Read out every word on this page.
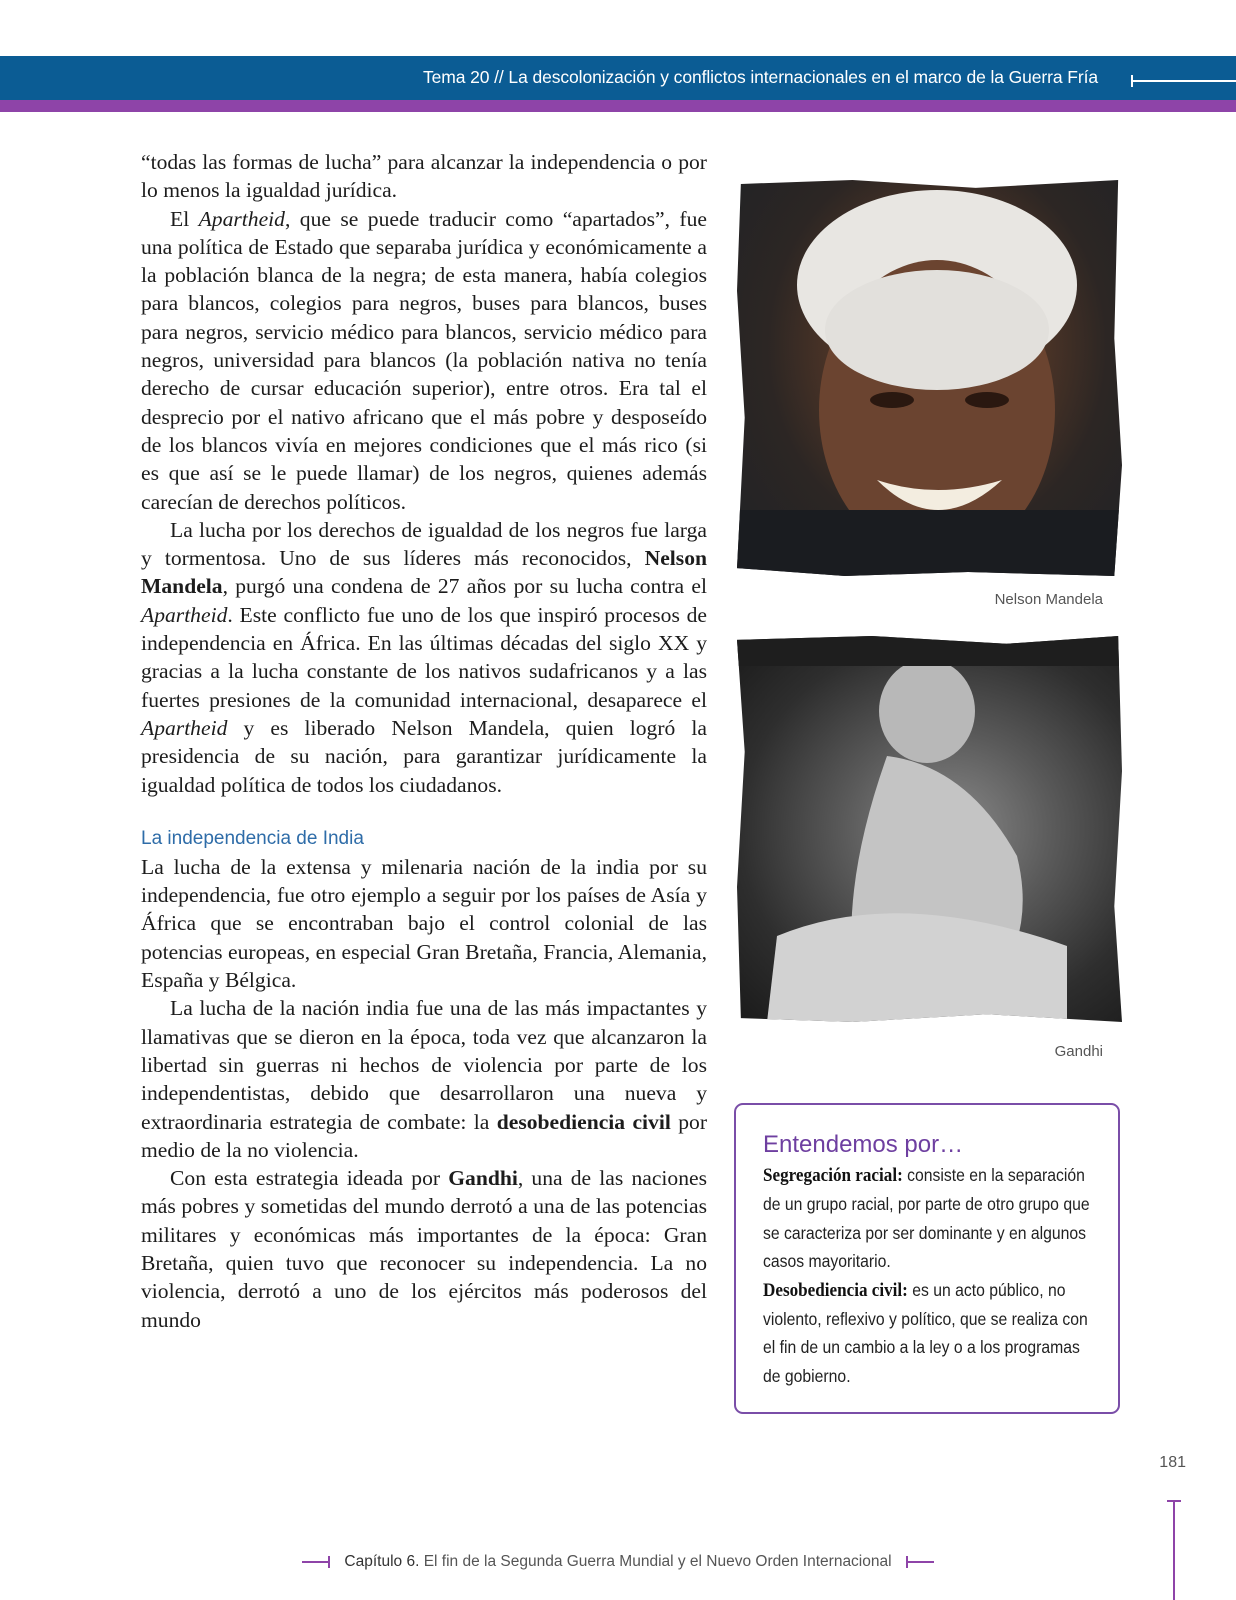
Tema 20 // La descolonización y conflictos internacionales en el marco de la Guerra Fría

“todas las formas de lucha” para alcanzar la independencia o por lo menos la igualdad jurídica.

El Apartheid, que se puede traducir como “apartados”, fue una política de Estado que separaba jurídica y económicamente a la población blanca de la negra; de esta manera, había colegios para blancos, colegios para negros, buses para blancos, buses para negros, servicio médico para blancos, servicio médico para negros, universidad para blancos (la población nativa no tenía derecho de cursar educación superior), entre otros. Era tal el desprecio por el nativo africano que el más pobre y desposeído de los blancos vivía en mejores condiciones que el más rico (si es que así se le puede llamar) de los negros, quienes además carecían de derechos políticos.

La lucha por los derechos de igualdad de los negros fue larga y tormentosa. Uno de sus líderes más reconocidos, Nelson Mandela, purgó una condena de 27 años por su lucha contra el Apartheid. Este conflicto fue uno de los que inspiró procesos de independencia en África. En las últimas décadas del siglo XX y gracias a la lucha constante de los nativos sudafricanos y a las fuertes presiones de la comunidad internacional, desaparece el Apartheid y es liberado Nelson Mandela, quien logró la presidencia de su nación, para garantizar jurídicamente la igualdad política de todos los ciudadanos.

La independencia de India

La lucha de la extensa y milenaria nación de la india por su independencia, fue otro ejemplo a seguir por los países de Asía y África que se encontraban bajo el control colonial de las potencias europeas, en especial Gran Bretaña, Francia, Alemania, España y Bélgica.

La lucha de la nación india fue una de las más impactantes y llamativas que se dieron en la época, toda vez que alcanzaron la libertad sin guerras ni hechos de violencia por parte de los independentistas, debido que desarrollaron una nueva y extraordinaria estrategia de combate: la desobediencia civil por medio de la no violencia.

Con esta estrategia ideada por Gandhi, una de las naciones más pobres y sometidas del mundo derrotó a una de las potencias militares y económicas más importantes de la época: Gran Bretaña, quien tuvo que reconocer su independencia. La no violencia, derrotó a uno de los ejércitos más poderosos del mundo

Nelson Mandela
Gandhi
Entendemos por…
Segregación racial: consiste en la separación de un grupo racial, por parte de otro grupo que se caracteriza por ser dominante y en algunos casos mayoritario.
Desobediencia civil: es un acto público, no violento, reflexivo y político, que se realiza con el fin de un cambio a la ley o a los programas de gobierno.
181
Capítulo 6. El fin de la Segunda Guerra Mundial y el Nuevo Orden Internacional
